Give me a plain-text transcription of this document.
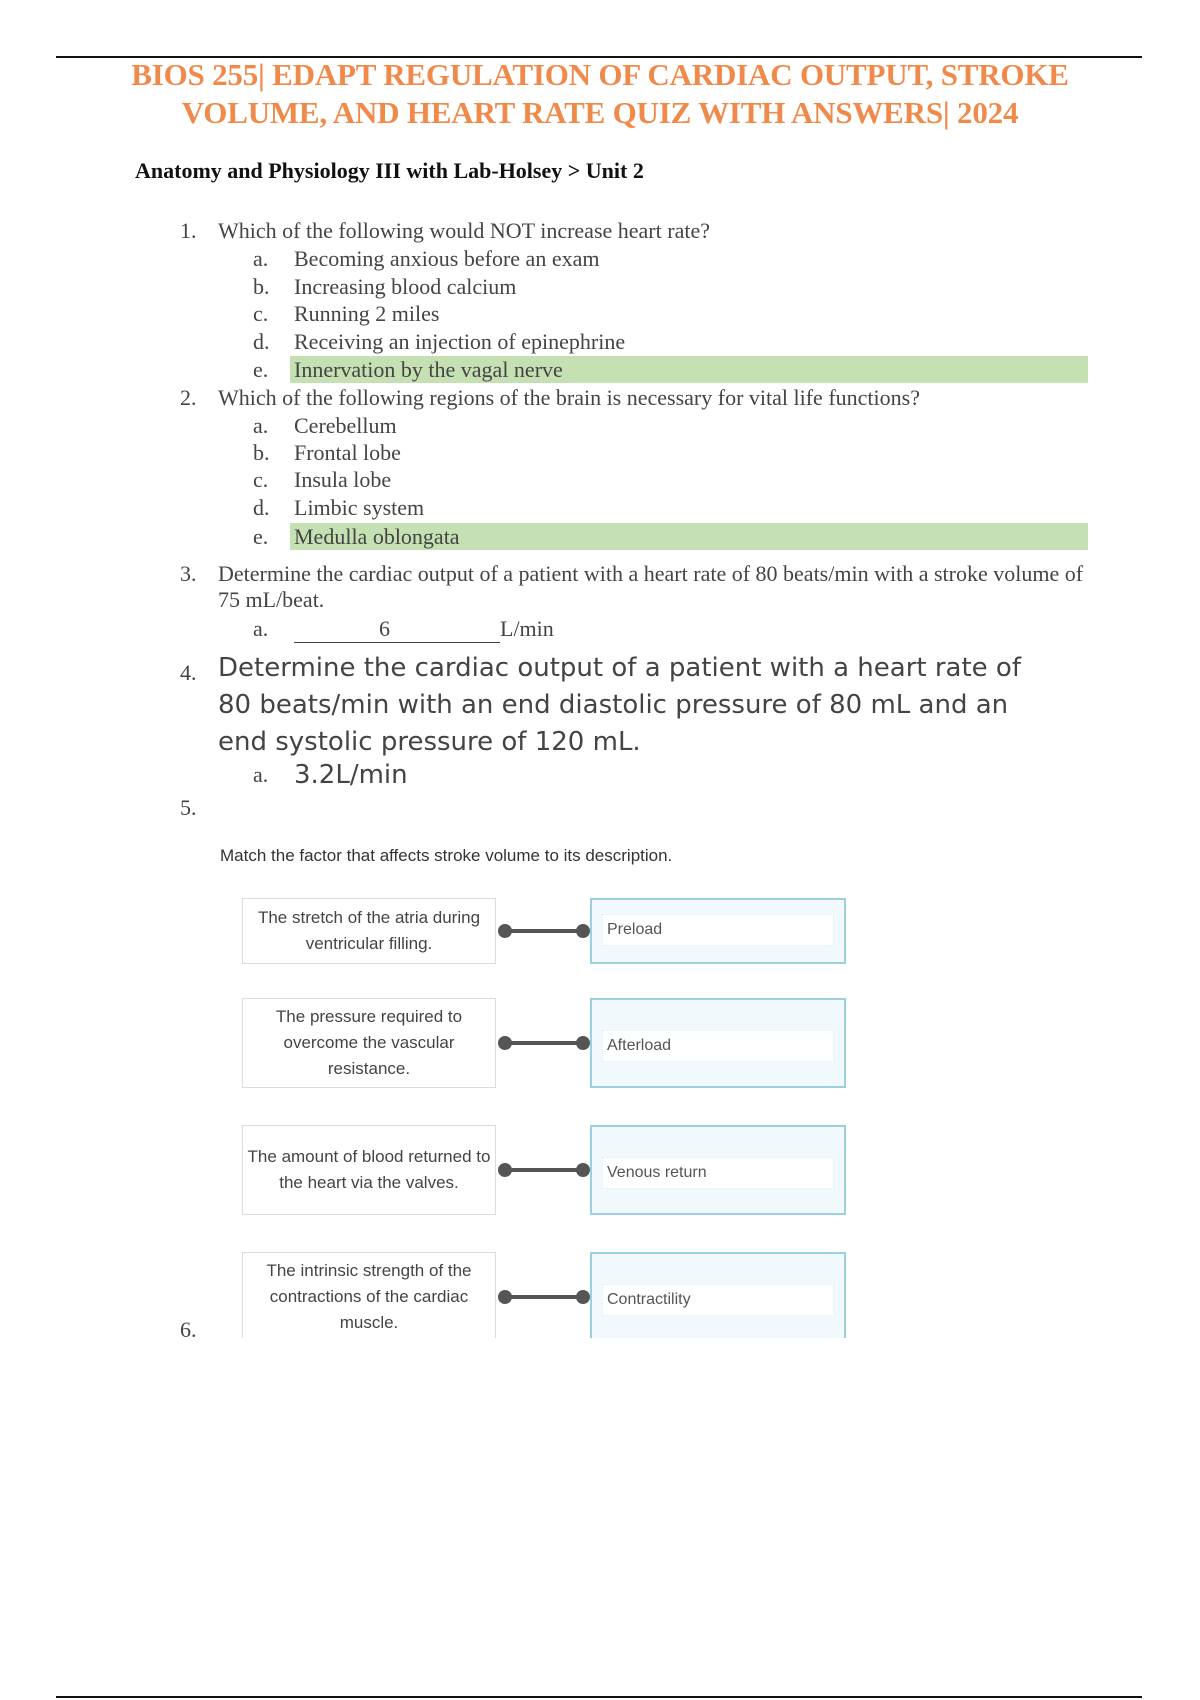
BIOS 255| EDAPT REGULATION OF CARDIAC OUTPUT, STROKE
VOLUME, AND HEART RATE QUIZ WITH ANSWERS| 2024
Anatomy and Physiology III with Lab-Holsey > Unit 2
1. Which of the following would NOT increase heart rate?
a.	Becoming anxious before an exam
b.	Increasing blood calcium
c.	Running 2 miles
d.	Receiving an injection of epinephrine
e.	Innervation by the vagal nerve
2. Which of the following regions of the brain is necessary for vital life functions?
a.	Cerebellum
b.	Frontal lobe
c.	Insula lobe
d.	Limbic system
e.	Medulla oblongata
3. Determine the cardiac output of a patient with a heart rate of 80 beats/min with a stroke volume of 75 mL/beat.
a.	6	L/min
4. Determine the cardiac output of a patient with a heart rate of 80 beats/min with an end diastolic pressure of 80 mL and an end systolic pressure of 120 mL.
a. 3.2L/min
5.
Match the factor that affects stroke volume to its description.
The stretch of the atria during ventricular filling.
Preload
The pressure required to overcome the vascular resistance.
Afterload
The amount of blood returned to the heart via the valves.
Venous return
The intrinsic strength of the contractions of the cardiac muscle.
Contractility
6.
